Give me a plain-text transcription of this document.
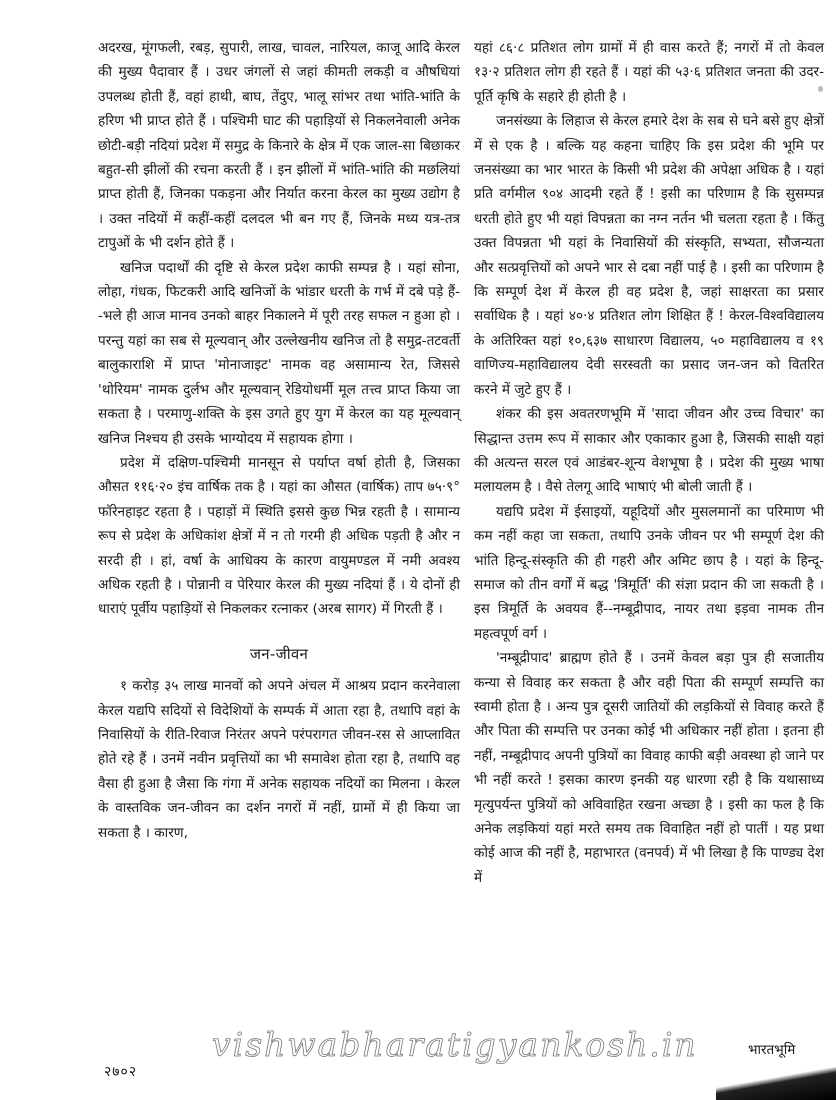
अदरख, मूंगफली, रबड़, सुपारी, लाख, चावल, नारियल, काजू आदि केरल की मुख्य पैदावार हैं । उधर जंगलों से जहां कीमती लकड़ी व औषधियां उपलब्ध होती हैं, वहां हाथी, बाघ, तेंदुए, भालू सांभर तथा भांति-भांति के हरिण भी प्राप्त होते हैं । पश्चिमी घाट की पहाड़ियों से निकलनेवाली अनेक छोटी-बड़ी नदियां प्रदेश में समुद्र के किनारे के क्षेत्र में एक जाल-सा बिछाकर बहुत-सी झीलों की रचना करती हैं । इन झीलों में भांति-भांति की मछलियां प्राप्त होती हैं, जिनका पकड़ना और निर्यात करना केरल का मुख्य उद्योग है । उक्त नदियों में कहीं-कहीं दलदल भी बन गए हैं, जिनके मध्य यत्र-तत्र टापुओं के भी दर्शन होते हैं ।

खनिज पदार्थों की दृष्टि से केरल प्रदेश काफी सम्पन्न है । यहां सोना, लोहा, गंधक, फिटकरी आदि खनिजों के भांडार धरती के गर्भ में दबे पड़े हैं--भले ही आज मानव उनको बाहर निकालने में पूरी तरह सफल न हुआ हो । परन्तु यहां का सब से मूल्यवान् और उल्लेखनीय खनिज तो है समुद्र-तटवर्ती बालुकाराशि में प्राप्त 'मोनाजाइट' नामक वह असामान्य रेत, जिससे 'थोरियम' नामक दुर्लभ और मूल्यवान् रेडियोधर्मी मूल तत्त्व प्राप्त किया जा सकता है । परमाणु-शक्ति के इस उगते हुए युग में केरल का यह मूल्यवान् खनिज निश्चय ही उसके भाग्योदय में सहायक होगा ।

प्रदेश में दक्षिण-पश्चिमी मानसून से पर्याप्त वर्षा होती है, जिसका औसत ११६·२० इंच वार्षिक तक है । यहां का औसत (वार्षिक) ताप ७५·९° फॉरेनहाइट रहता है । पहाड़ों में स्थिति इससे कुछ भिन्न रहती है । सामान्य रूप से प्रदेश के अधिकांश क्षेत्रों में न तो गरमी ही अधिक पड़ती है और न सरदी ही । हां, वर्षा के आधिक्य के कारण वायुमण्डल में नमी अवश्य अधिक रहती है । पोन्नानी व पेरियार केरल की मुख्य नदियां हैं । ये दोनों ही धाराएं पूर्वीय पहाड़ियों से निकलकर रत्नाकर (अरब सागर) में गिरती हैं ।

जन-जीवन

१ करोड़ ३५ लाख मानवों को अपने अंचल में आश्रय प्रदान करनेवाला केरल यद्यपि सदियों से विदेशियों के सम्पर्क में आता रहा है, तथापि वहां के निवासियों के रीति-रिवाज निरंतर अपने परंपरागत जीवन-रस से आप्लावित होते रहे हैं । उनमें नवीन प्रवृत्तियों का भी समावेश होता रहा है, तथापि वह वैसा ही हुआ है जैसा कि गंगा में अनेक सहायक नदियों का मिलना । केरल के वास्तविक जन-जीवन का दर्शन नगरों में नहीं, ग्रामों में ही किया जा सकता है । कारण,

यहां ८६·८ प्रतिशत लोग ग्रामों में ही वास करते हैं; नगरों में तो केवल १३·२ प्रतिशत लोग ही रहते हैं । यहां की ५३·६ प्रतिशत जनता की उदर-पूर्ति कृषि के सहारे ही होती है ।

जनसंख्या के लिहाज से केरल हमारे देश के सब से घने बसे हुए क्षेत्रों में से एक है । बल्कि यह कहना चाहिए कि इस प्रदेश की भूमि पर जनसंख्या का भार भारत के किसी भी प्रदेश की अपेक्षा अधिक है । यहां प्रति वर्गमील ९०४ आदमी रहते हैं ! इसी का परिणाम है कि सुसम्पन्न धरती होते हुए भी यहां विपन्नता का नग्न नर्तन भी चलता रहता है । किंतु उक्त विपन्नता भी यहां के निवासियों की संस्कृति, सभ्यता, सौजन्यता और सत्प्रवृत्तियों को अपने भार से दबा नहीं पाई है । इसी का परिणाम है कि सम्पूर्ण देश में केरल ही वह प्रदेश है, जहां साक्षरता का प्रसार सर्वाधिक है । यहां ४०·४ प्रतिशत लोग शिक्षित हैं ! केरल-विश्वविद्यालय के अतिरिक्त यहां १०,६३७ साधारण विद्यालय, ५० महाविद्यालय व १९ वाणिज्य-महाविद्यालय देवी सरस्वती का प्रसाद जन-जन को वितरित करने में जुटे हुए हैं ।

शंकर की इस अवतरणभूमि में 'सादा जीवन और उच्च विचार' का सिद्धान्त उत्तम रूप में साकार और एकाकार हुआ है, जिसकी साक्षी यहां की अत्यन्त सरल एवं आडंबर-शून्य वेशभूषा है । प्रदेश की मुख्य भाषा मलायलम है । वैसे तेलगू आदि भाषाएं भी बोली जाती हैं ।

यद्यपि प्रदेश में ईसाइयों, यहूदियों और मुसलमानों का परिमाण भी कम नहीं कहा जा सकता, तथापि उनके जीवन पर भी सम्पूर्ण देश की भांति हिन्दू-संस्कृति की ही गहरी और अमिट छाप है । यहां के हिन्दू-समाज को तीन वर्गों में बद्ध 'त्रिमूर्ति' की संज्ञा प्रदान की जा सकती है । इस त्रिमूर्ति के अवयव हैं--नम्बूद्रीपाद, नायर तथा इड़वा नामक तीन महत्वपूर्ण वर्ग ।

'नम्बूद्रीपाद' ब्राह्मण होते हैं । उनमें केवल बड़ा पुत्र ही सजातीय कन्या से विवाह कर सकता है और वही पिता की सम्पूर्ण सम्पत्ति का स्वामी होता है । अन्य पुत्र दूसरी जातियों की लड़कियों से विवाह करते हैं और पिता की सम्पत्ति पर उनका कोई भी अधिकार नहीं होता । इतना ही नहीं, नम्बूद्रीपाद अपनी पुत्रियों का विवाह काफी बड़ी अवस्था हो जाने पर भी नहीं करते ! इसका कारण इनकी यह धारणा रही है कि यथासाध्य मृत्युपर्यन्त पुत्रियों को अविवाहित रखना अच्छा है । इसी का फल है कि अनेक लड़कियां यहां मरते समय तक विवाहित नहीं हो पातीं । यह प्रथा कोई आज की नहीं है, महाभारत (वनपर्व) में भी लिखा है कि पाण्ड्य देश में

vishwabharatigyankosh.in
२७०२
भारतभूमि
